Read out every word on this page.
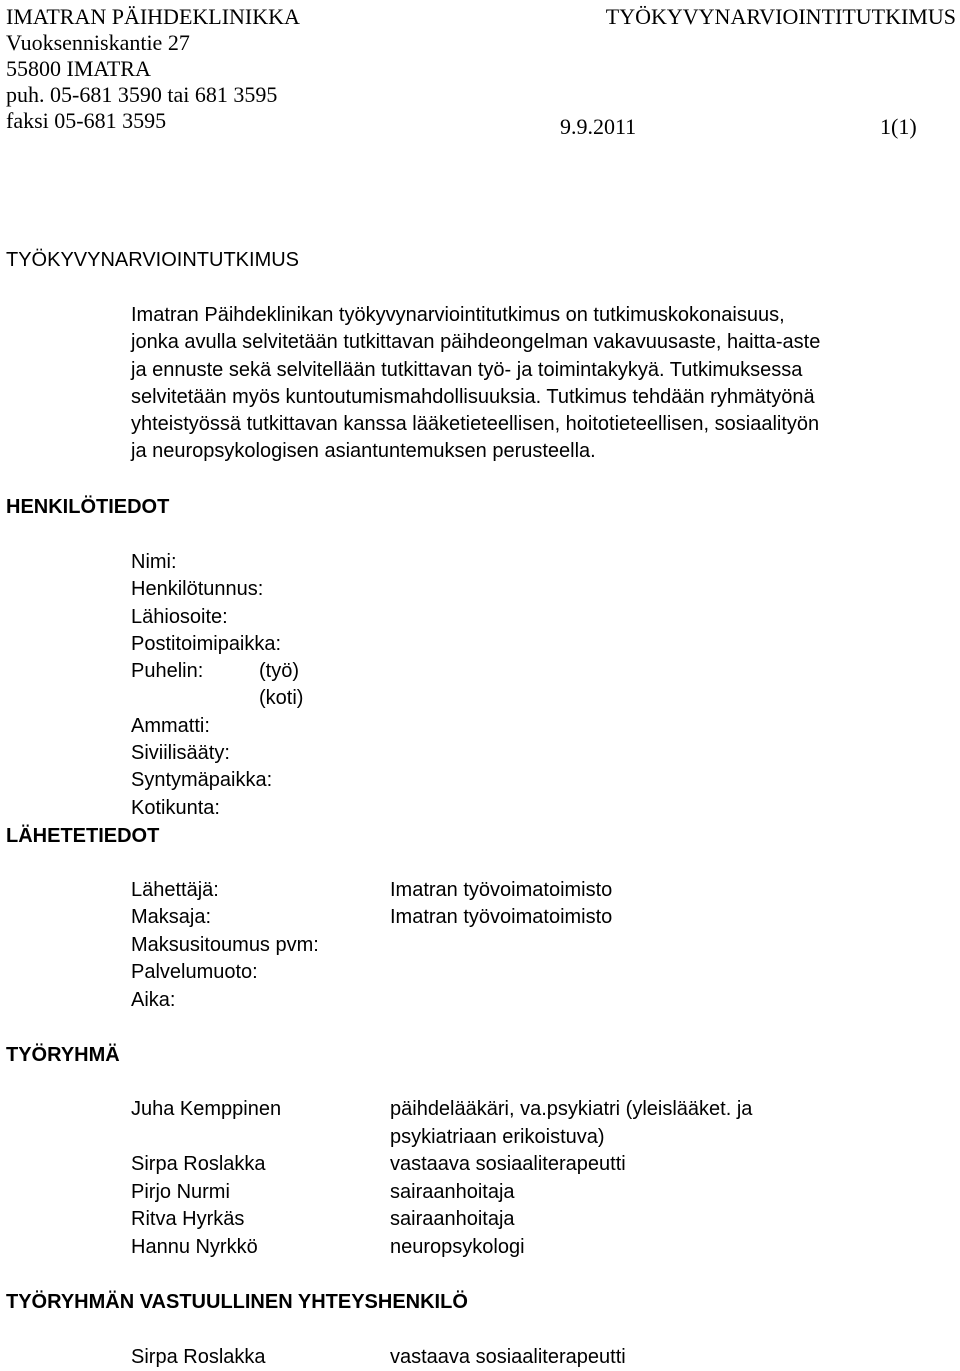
IMATRAN PÄIHDEKLINIKKA
Vuoksenniskantie 27
55800 IMATRA
puh. 05-681 3590 tai 681 3595
faksi 05-681 3595
TYÖKYVYNARVIOINTITUTKIMUS
9.9.2011	1(1)
TYÖKYVYNARVIOINTUTKIMUS
Imatran Päihdeklinikan työkyvynarviointitutkimus on tutkimuskokonaisuus,
jonka avulla selvitetään tutkittavan päihdeongelman vakavuusaste, haitta-aste
ja ennuste sekä selvitellään tutkittavan työ- ja toimintakykyä. Tutkimuksessa
selvitetään myös kuntoutumismahdollisuuksia. Tutkimus tehdään ryhmätyönä
yhteistyössä tutkittavan kanssa lääketieteellisen, hoitotieteellisen, sosiaalityön
ja neuropsykologisen asiantuntemuksen perusteella.
HENKILÖTIEDOT
Nimi:
Henkilötunnus:
Lähiosoite:
Postitoimipaikka:
Puhelin:	(työ)
(koti)
Ammatti:
Siviilisääty:
Syntymäpaikka:
Kotikunta:
LÄHETETIEDOT
Lähettäjä:	Imatran työvoimatoimisto
Maksaja:	Imatran työvoimatoimisto
Maksusitoumus pvm:
Palvelumuoto:
Aika:
TYÖRYHMÄ
Juha Kemppinen	päihdelääkäri, va.psykiatri (yleislääket. ja
psykiatriaan erikoistuva)
Sirpa Roslakka	vastaava sosiaaliterapeutti
Pirjo Nurmi	sairaanhoitaja
Ritva Hyrkäs	sairaanhoitaja
Hannu Nyrkkö	neuropsykologi
TYÖRYHMÄN VASTUULLINEN YHTEYSHENKILÖ
Sirpa Roslakka	vastaava sosiaaliterapeutti
